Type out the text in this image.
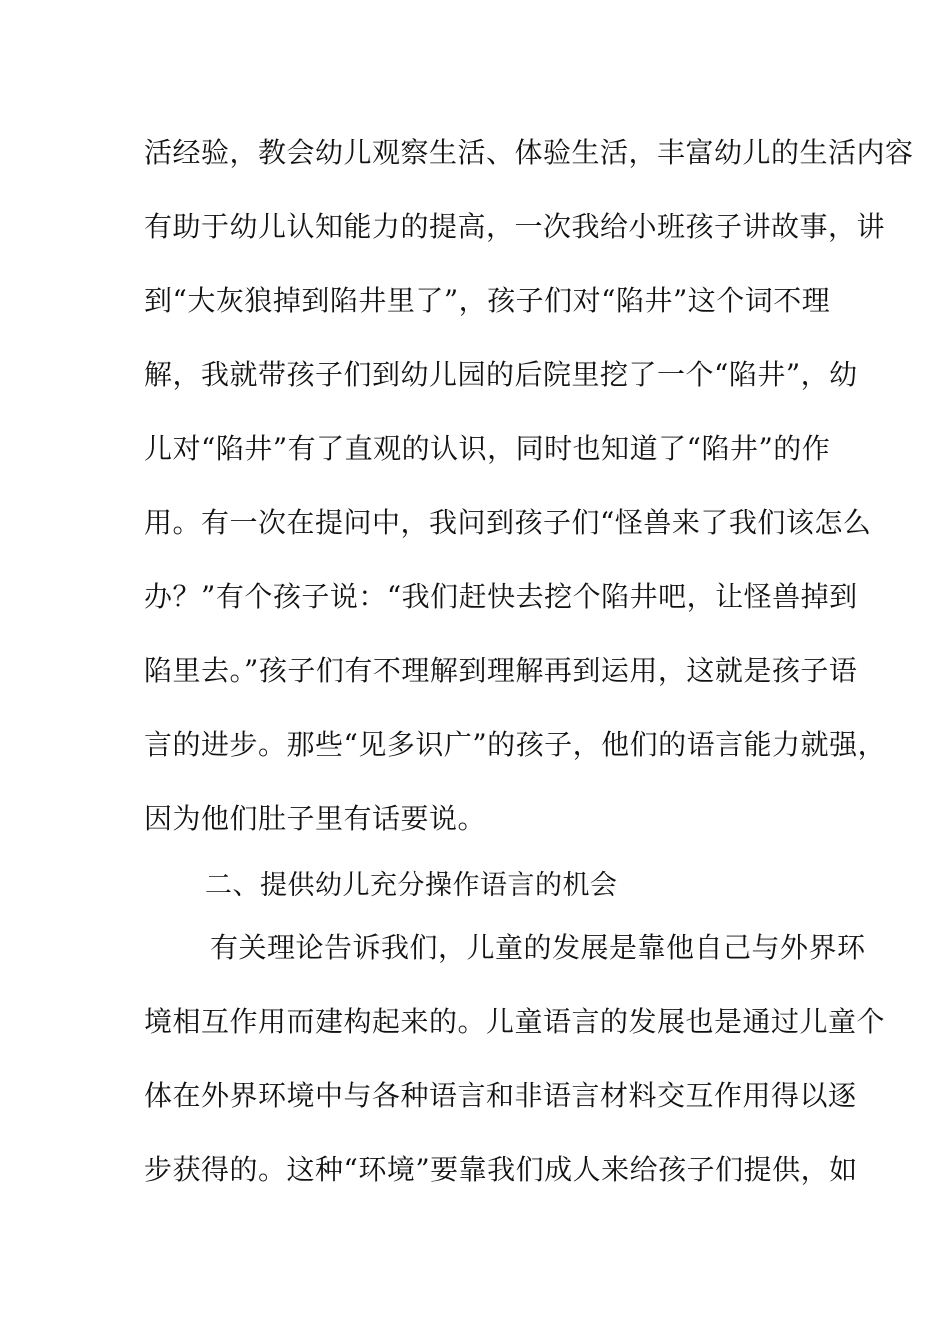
活经验，教会幼儿观察生活、体验生活，丰富幼儿的生活内容
有助于幼儿认知能力的提高，一次我给小班孩子讲故事，讲
到“大灰狼掉到陷井里了”，孩子们对“陷井”这个词不理
解，我就带孩子们到幼儿园的后院里挖了一个“陷井”，幼
儿对“陷井”有了直观的认识，同时也知道了“陷井”的作
用。有一次在提问中，我问到孩子们“怪兽来了我们该怎么
办？”有个孩子说：“我们赶快去挖个陷井吧，让怪兽掉到
陷里去。”孩子们有不理解到理解再到运用，这就是孩子语
言的进步。那些“见多识广”的孩子，他们的语言能力就强，
因为他们肚子里有话要说。
二、提供幼儿充分操作语言的机会
有关理论告诉我们，儿童的发展是靠他自己与外界环
境相互作用而建构起来的。儿童语言的发展也是通过儿童个
体在外界环境中与各种语言和非语言材料交互作用得以逐
步获得的。这种“环境”要靠我们成人来给孩子们提供，如
